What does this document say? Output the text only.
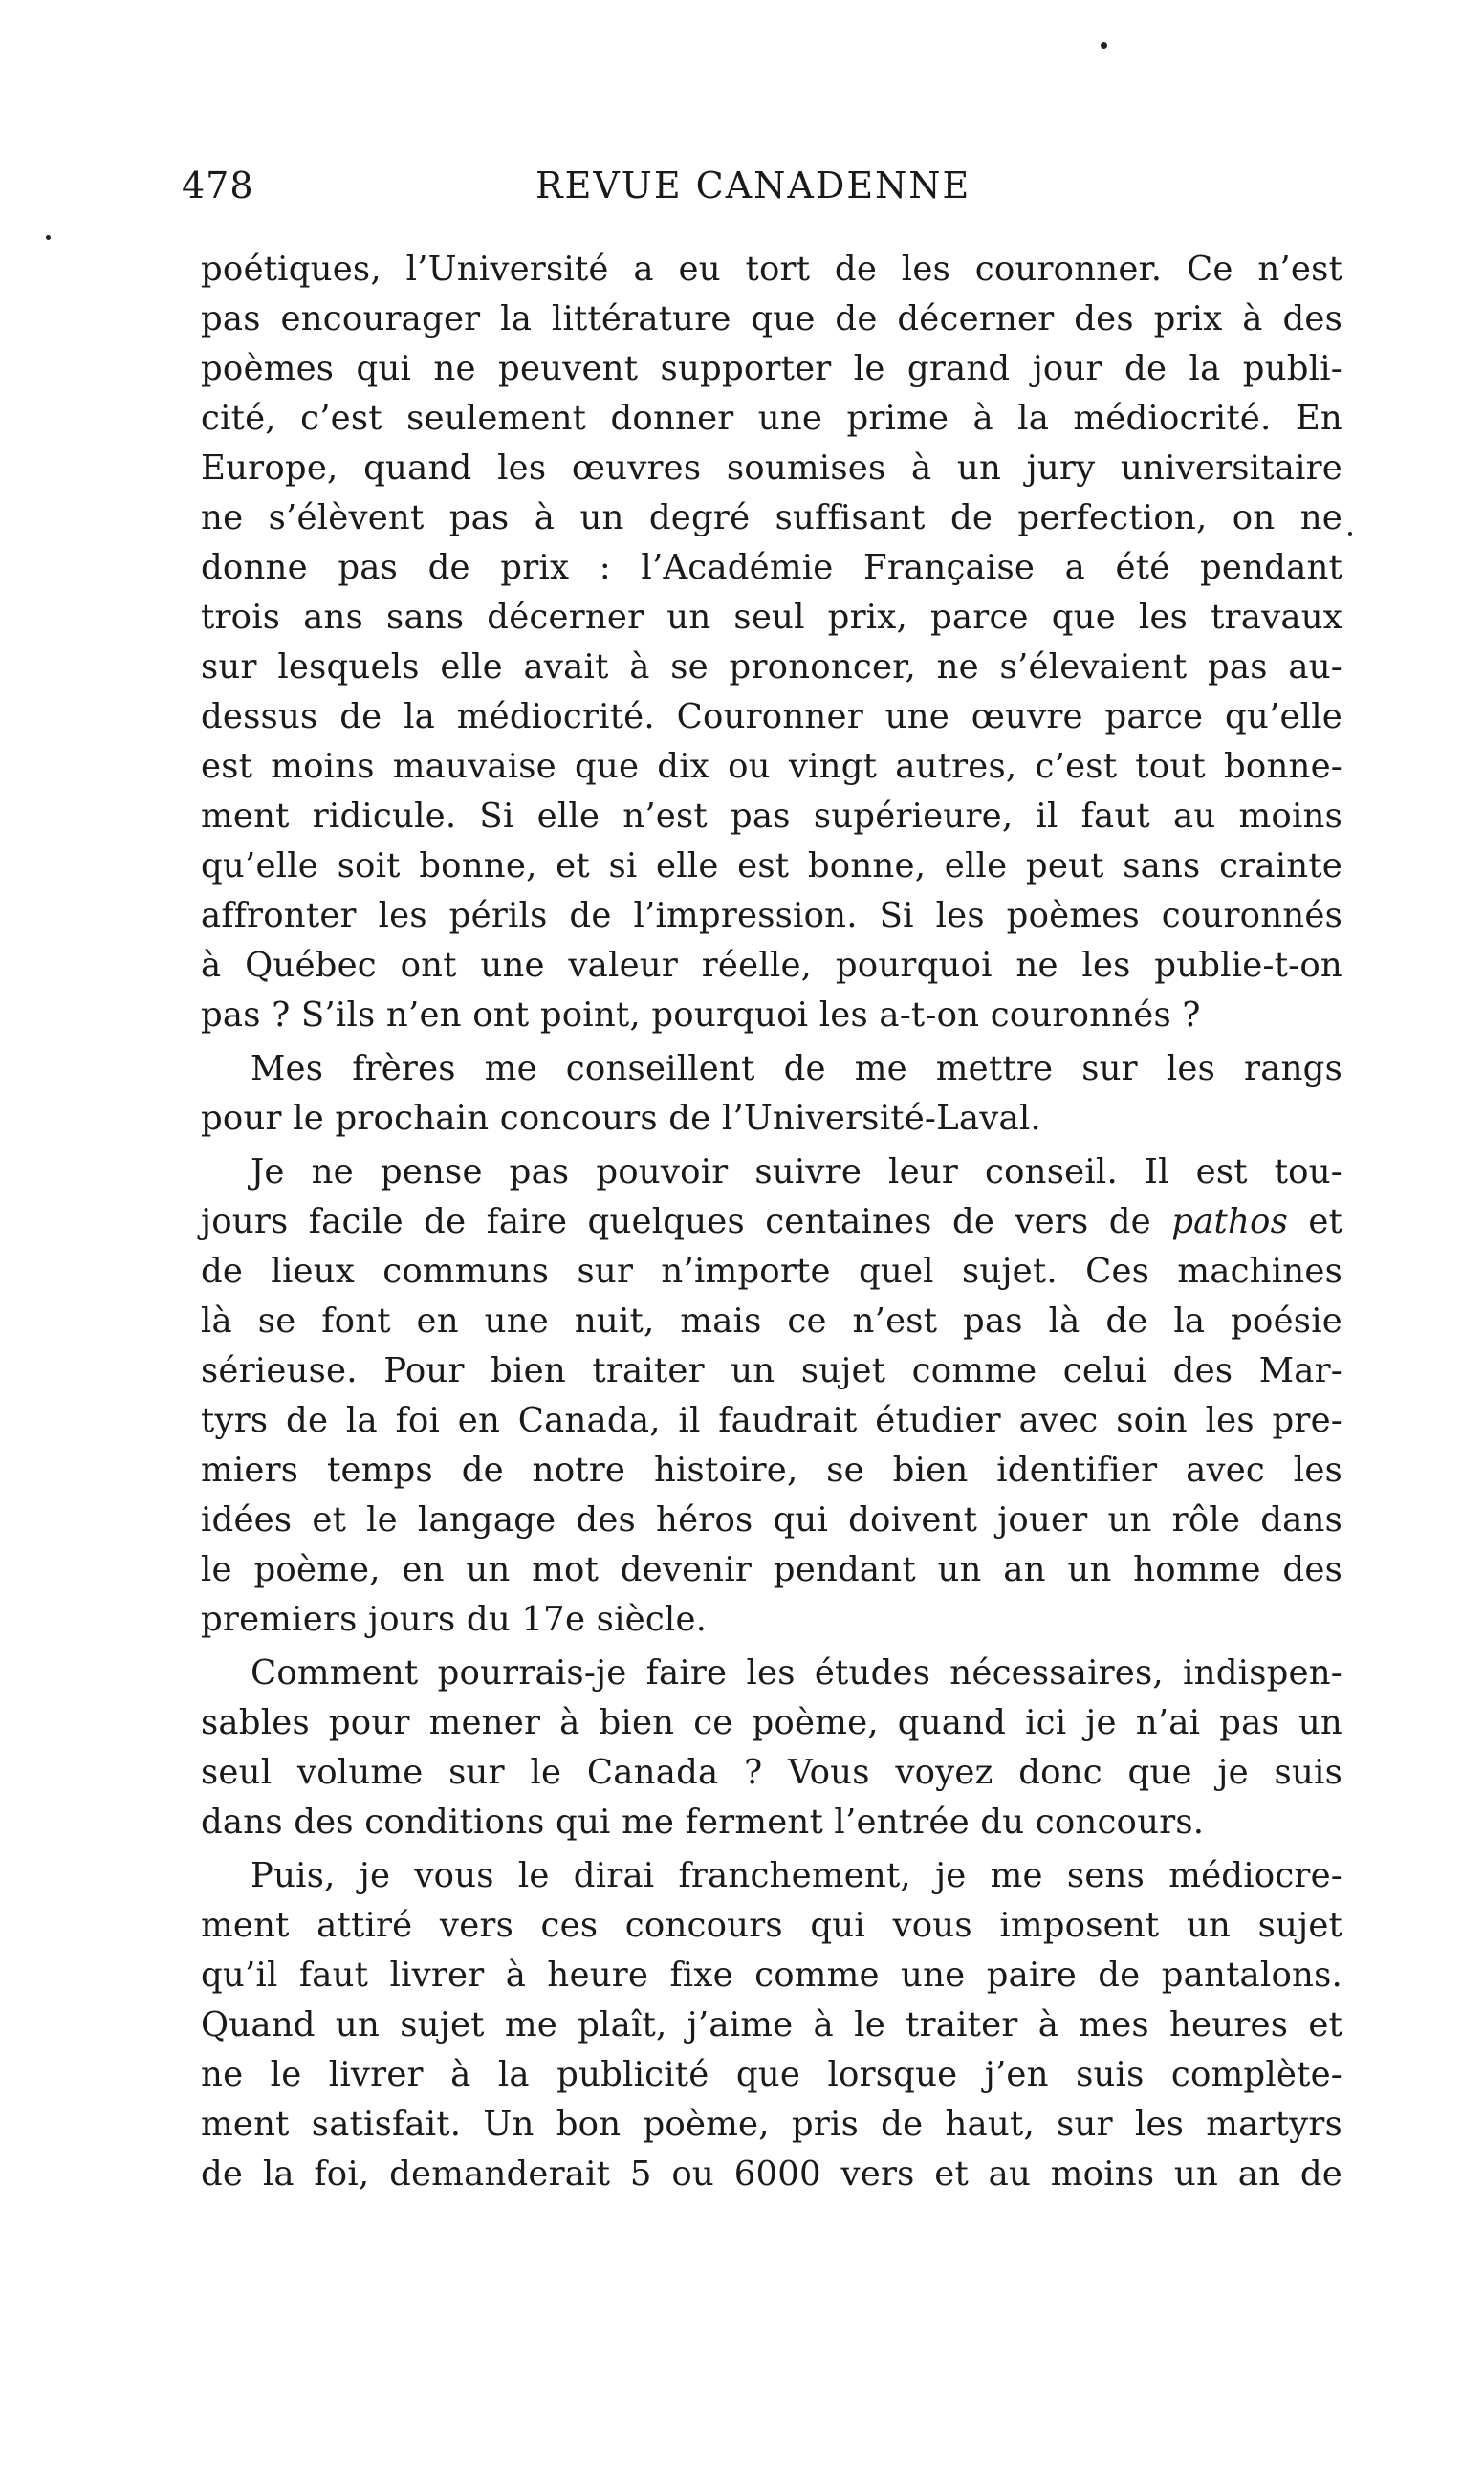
478	REVUE CANADENNE
poétiques, l’Université a eu tort de les couronner. Ce n’est
pas encourager la littérature que de décerner des prix à des
poèmes qui ne peuvent supporter le grand jour de la publi-
cité, c’est seulement donner une prime à la médiocrité. En
Europe, quand les œuvres soumises à un jury universitaire
ne s’élèvent pas à un degré suffisant de perfection, on ne
donne pas de prix : l’Académie Française a été pendant
trois ans sans décerner un seul prix, parce que les travaux
sur lesquels elle avait à se prononcer, ne s’élevaient pas au-
dessus de la médiocrité. Couronner une œuvre parce qu’elle
est moins mauvaise que dix ou vingt autres, c’est tout bonne-
ment ridicule. Si elle n’est pas supérieure, il faut au moins
qu’elle soit bonne, et si elle est bonne, elle peut sans crainte
affronter les périls de l’impression. Si les poèmes couronnés
à Québec ont une valeur réelle, pourquoi ne les publie-t-on
pas ? S’ils n’en ont point, pourquoi les a-t-on couronnés ?
Mes frères me conseillent de me mettre sur les rangs
pour le prochain concours de l’Université-Laval.
Je ne pense pas pouvoir suivre leur conseil. Il est tou-
jours facile de faire quelques centaines de vers de pathos et
de lieux communs sur n’importe quel sujet. Ces machines
là se font en une nuit, mais ce n’est pas là de la poésie
sérieuse. Pour bien traiter un sujet comme celui des Mar-
tyrs de la foi en Canada, il faudrait étudier avec soin les pre-
miers temps de notre histoire, se bien identifier avec les
idées et le langage des héros qui doivent jouer un rôle dans
le poème, en un mot devenir pendant un an un homme des
premiers jours du 17e siècle.
Comment pourrais-je faire les études nécessaires, indispen-
sables pour mener à bien ce poème, quand ici je n’ai pas un
seul volume sur le Canada ? Vous voyez donc que je suis
dans des conditions qui me ferment l’entrée du concours.
Puis, je vous le dirai franchement, je me sens médiocre-
ment attiré vers ces concours qui vous imposent un sujet
qu’il faut livrer à heure fixe comme une paire de pantalons.
Quand un sujet me plaît, j’aime à le traiter à mes heures et
ne le livrer à la publicité que lorsque j’en suis complète-
ment satisfait. Un bon poème, pris de haut, sur les martyrs
de la foi, demanderait 5 ou 6000 vers et au moins un an de
